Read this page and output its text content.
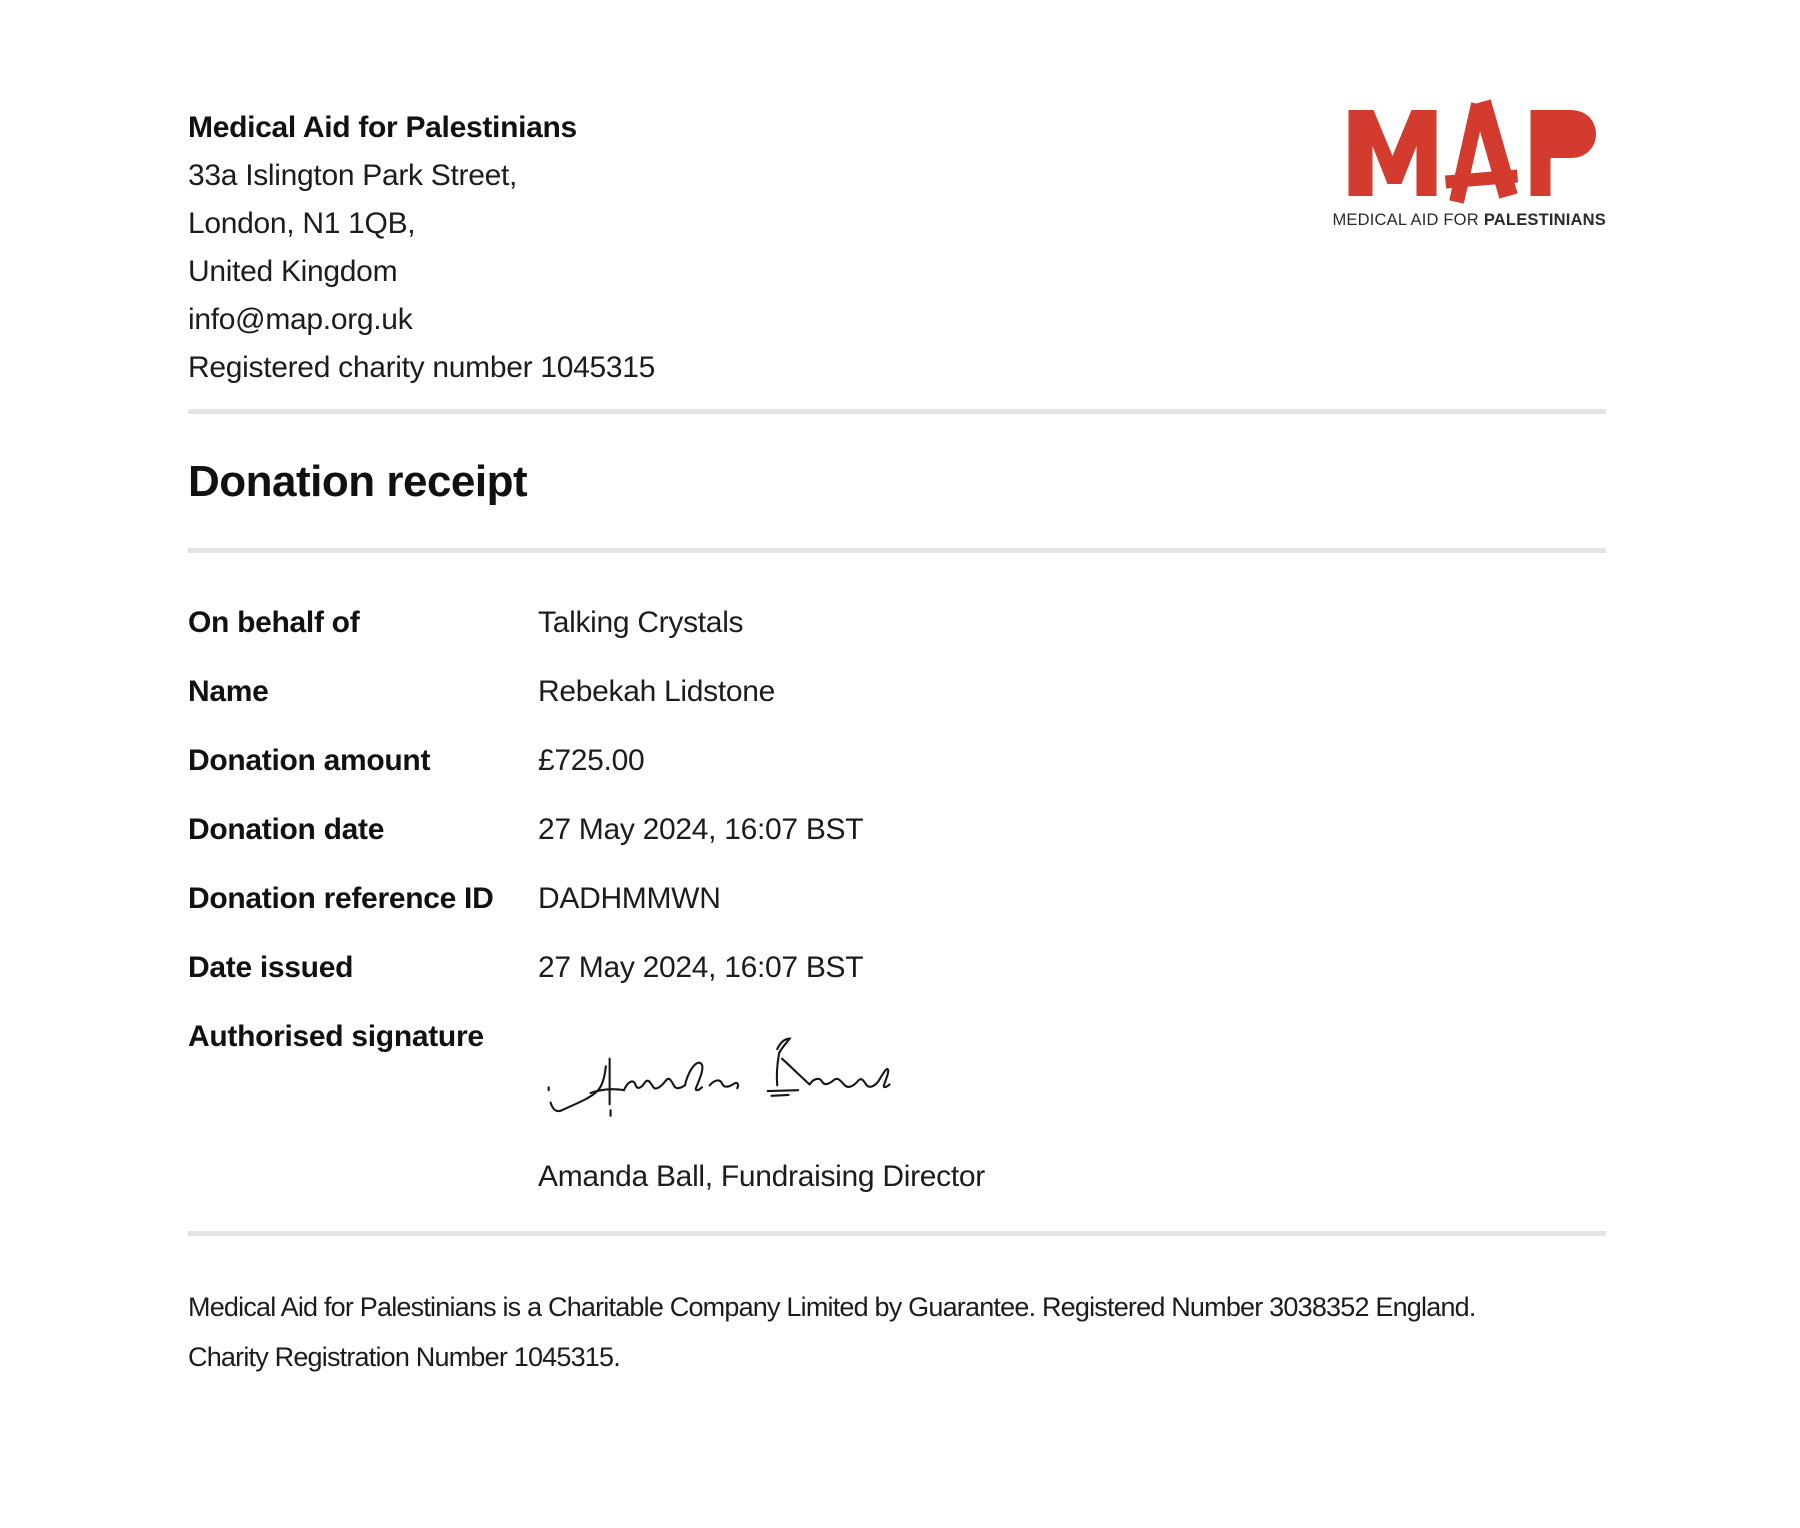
Medical Aid for Palestinians
33a Islington Park Street,
London, N1 1QB,
United Kingdom
info@map.org.uk
Registered charity number 1045315
MEDICAL AID FOR PALESTINIANS
Donation receipt
On behalf of	Talking Crystals
Name	Rebekah Lidstone
Donation amount	£725.00
Donation date	27 May 2024, 16:07 BST
Donation reference ID	DADHMMWN
Date issued	27 May 2024, 16:07 BST
Authorised signature
Amanda Ball, Fundraising Director
Medical Aid for Palestinians is a Charitable Company Limited by Guarantee. Registered Number 3038352 England.
Charity Registration Number 1045315.
